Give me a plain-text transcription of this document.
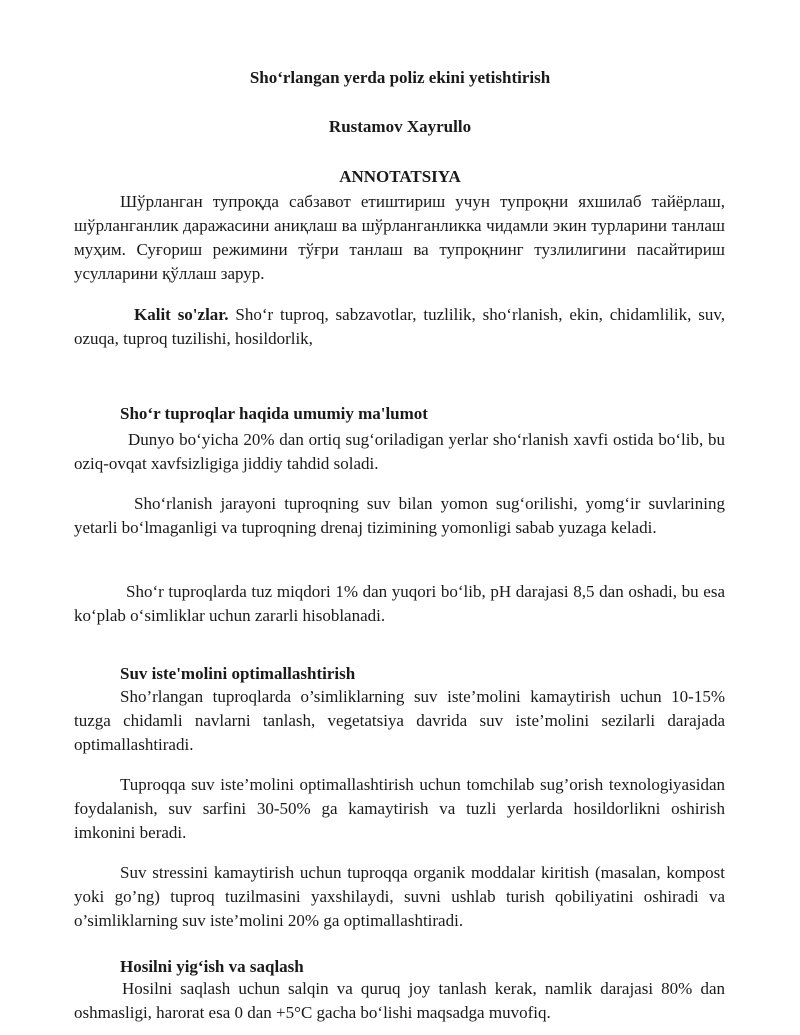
Sho‘rlangan yerda poliz ekini yetishtirish

Rustamov Xayrullo

ANNOTATSIYA

Шўрланган тупроқда сабзавот етиштириш учун тупроқни яхшилаб тайёрлаш, шўрланганлик даражасини аниқлаш ва шўрланганликка чидамли экин турларини танлаш муҳим. Суғориш режимини тўғри танлаш ва тупроқнинг тузлилигини пасайтириш усулларини қўллаш зарур.

Kalit so'zlar. Sho‘r tuproq, sabzavotlar, tuzlilik, sho‘rlanish, ekin, chidamlilik, suv, ozuqa, tuproq tuzilishi, hosildorlik,

Sho‘r tuproqlar haqida umumiy ma'lumot

Dunyo bo‘yicha 20% dan ortiq sug‘oriladigan yerlar sho‘rlanish xavfi ostida bo‘lib, bu oziq-ovqat xavfsizligiga jiddiy tahdid soladi.

Sho‘rlanish jarayoni tuproqning suv bilan yomon sug‘orilishi, yomg‘ir suvlarining yetarli bo‘lmaganligi va tuproqning drenaj tizimining yomonligi sabab yuzaga keladi.

Sho‘r tuproqlarda tuz miqdori 1% dan yuqori bo‘lib, pH darajasi 8,5 dan oshadi, bu esa ko‘plab o‘simliklar uchun zararli hisoblanadi.

Suv iste'molini optimallashtirish

Sho’rlangan tuproqlarda o’simliklarning suv iste’molini kamaytirish uchun 10-15% tuzga chidamli navlarni tanlash, vegetatsiya davrida suv iste’molini sezilarli darajada optimallashtiradi.

Tuproqqa suv iste’molini optimallashtirish uchun tomchilab sug’orish texnologiyasidan foydalanish, suv sarfini 30-50% ga kamaytirish va tuzli yerlarda hosildorlikni oshirish imkonini beradi.

Suv stressini kamaytirish uchun tuproqqa organik moddalar kiritish (masalan, kompost yoki go’ng) tuproq tuzilmasini yaxshilaydi, suvni ushlab turish qobiliyatini oshiradi va o’simliklarning suv iste’molini 20% ga optimallashtiradi.

Hosilni yig‘ish va saqlash

Hosilni saqlash uchun salqin va quruq joy tanlash kerak, namlik darajasi 80% dan oshmasligi, harorat esa 0 dan +5°C gacha bo‘lishi maqsadga muvofiq.
